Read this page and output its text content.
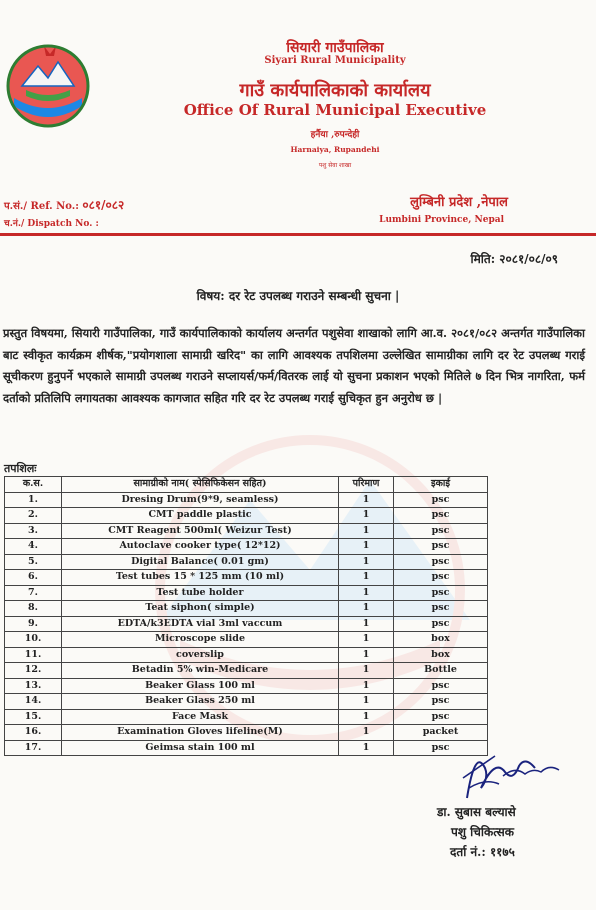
सियारी गाउँपालिका
Siyari Rural Municipality
गाउँ कार्यपालिकाको कार्यालय
Office Of Rural Municipal Executive
हर्नैया ,रुपन्देही
Harnaiya, Rupandehi
पशु सेवा शाखा
प.सं./ Ref. No.: ०८१/०८२
च.नं./ Dispatch No. :
लुम्बिनी प्रदेश ,नेपाल
Lumbini Province, Nepal
मिति: २०८१/०८/०९
विषय: दर रेट उपलब्ध गराउने सम्बन्धी सुचना |
प्रस्तुत विषयमा, सियारी गाउँपालिका, गाउँ कार्यपालिकाको कार्यालय अन्तर्गत पशुसेवा शाखाको लागि आ.व. २०८१/०८२ अन्तर्गत गाउँपालिका बाट स्वीकृत कार्यक्रम शीर्षक,"प्रयोगशाला सामाग्री खरिद" का लागि आवश्यक तपशिलमा उल्लेखित सामाग्रीका लागि दर रेट उपलब्ध गराई सूचीकरण हुनुपर्ने भएकाले सामाग्री उपलब्ध गराउने सप्लायर्स/फर्म/वितरक लाई यो सुचना प्रकाशन भएको मितिले ७ दिन भित्र नागरिता, फर्म दर्ताको प्रतिलिपि लगायतका आवश्यक कागजात सहित गरि दर रेट उपलब्ध गराई सुचिकृत हुन अनुरोध छ |
तपशिलः
क.स.	सामाग्रीको नाम( स्पेसिफिकेसन सहित)	परिमाण	इकाई
1.	Dresing Drum(9*9, seamless)	1	psc
2.	CMT paddle plastic	1	psc
3.	CMT Reagent 500ml( Weizur Test)	1	psc
4.	Autoclave cooker type( 12*12)	1	psc
5.	Digital Balance( 0.01 gm)	1	psc
6.	Test tubes 15 * 125 mm (10 ml)	1	psc
7.	Test tube holder	1	psc
8.	Teat siphon( simple)	1	psc
9.	EDTA/k3EDTA vial 3ml vaccum	1	psc
10.	Microscope slide	1	box
11.	coverslip	1	box
12.	Betadin 5% win-Medicare	1	Bottle
13.	Beaker Glass 100 ml	1	psc
14.	Beaker Glass 250 ml	1	psc
15.	Face Mask	1	psc
16.	Examination Gloves lifeline(M)	1	packet
17.	Geimsa stain 100 ml	1	psc
डा. सुबास बल्यासे
पशु चिकित्सक
दर्ता नं.: ११७५
